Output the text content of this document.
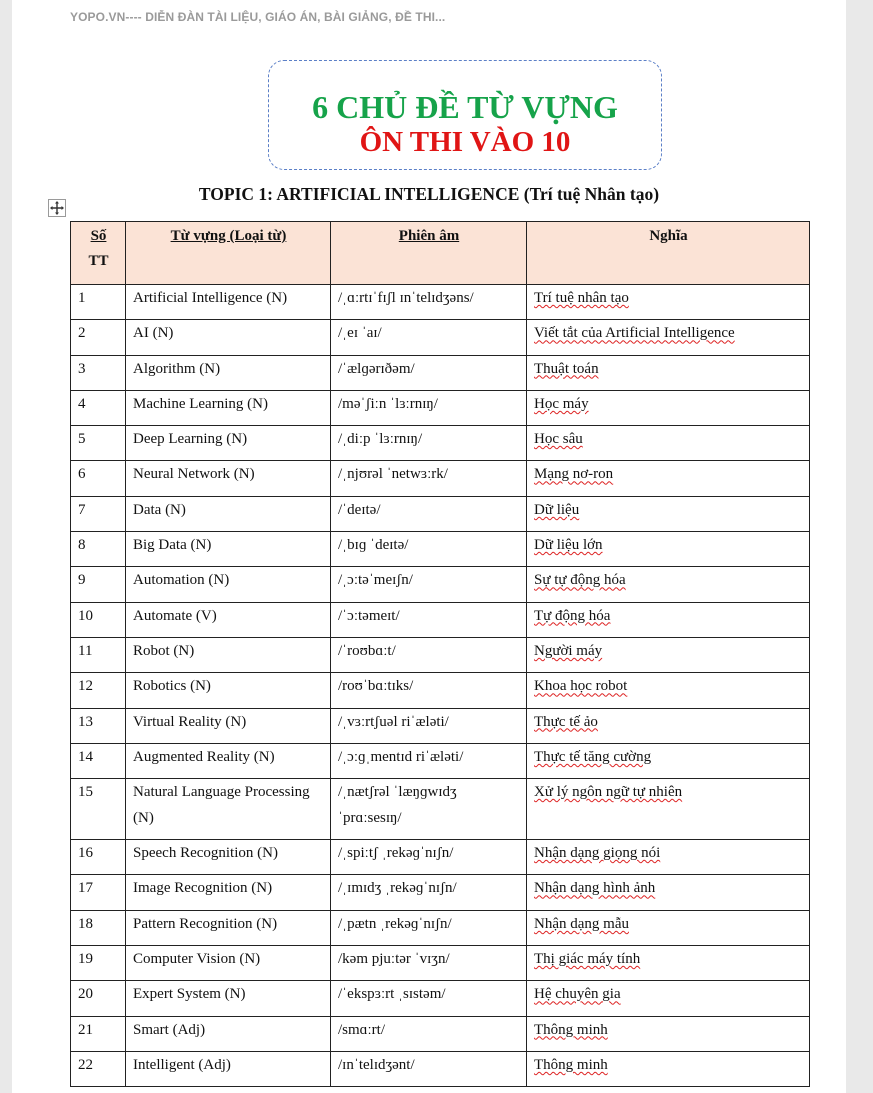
YOPO.VN---- DIỄN ĐÀN TÀI LIỆU, GIÁO ÁN, BÀI GIẢNG, ĐỀ THI...
6 CHỦ ĐỀ TỪ VỰNG
ÔN THI VÀO 10
TOPIC 1: ARTIFICIAL INTELLIGENCE (Trí tuệ Nhân tạo)
Số
TT	Từ vựng (Loại từ)	Phiên âm	Nghĩa
1	Artificial Intelligence (N)	/ˌɑːrtɪˈfɪʃl ɪnˈtelɪdʒəns/	Trí tuệ nhân tạo
2	AI (N)	/ˌeɪ ˈaɪ/	Viết tắt của Artificial Intelligence
3	Algorithm (N)	/ˈælɡərɪðəm/	Thuật toán
4	Machine Learning (N)	/məˈʃiːn ˈlɜːrnɪŋ/	Học máy
5	Deep Learning (N)	/ˌdiːp ˈlɜːrnɪŋ/	Học sâu
6	Neural Network (N)	/ˌnjʊrəl ˈnetwɜːrk/	Mạng nơ-ron
7	Data (N)	/ˈdeɪtə/	Dữ liệu
8	Big Data (N)	/ˌbɪɡ ˈdeɪtə/	Dữ liệu lớn
9	Automation (N)	/ˌɔːtəˈmeɪʃn/	Sự tự động hóa
10	Automate (V)	/ˈɔːtəmeɪt/	Tự động hóa
11	Robot (N)	/ˈroʊbɑːt/	Người máy
12	Robotics (N)	/roʊˈbɑːtɪks/	Khoa học robot
13	Virtual Reality (N)	/ˌvɜːrtʃuəl riˈæləti/	Thực tế ảo
14	Augmented Reality (N)	/ˌɔːɡˌmentɪd riˈæləti/	Thực tế tăng cường
15	Natural Language Processing (N)	/ˌnætʃrəl ˈlæŋɡwɪdʒ ˈprɑːsesɪŋ/	Xử lý ngôn ngữ tự nhiên
16	Speech Recognition (N)	/ˌspiːtʃ ˌrekəɡˈnɪʃn/	Nhận dạng giọng nói
17	Image Recognition (N)	/ˌɪmɪdʒ ˌrekəɡˈnɪʃn/	Nhận dạng hình ảnh
18	Pattern Recognition (N)	/ˌpætn ˌrekəɡˈnɪʃn/	Nhận dạng mẫu
19	Computer Vision (N)	/kəm pjuːtər ˈvɪʒn/	Thị giác máy tính
20	Expert System (N)	/ˈekspɜːrt ˌsɪstəm/	Hệ chuyên gia
21	Smart (Adj)	/smɑːrt/	Thông minh
22	Intelligent (Adj)	/ɪnˈtelɪdʒənt/	Thông minh
